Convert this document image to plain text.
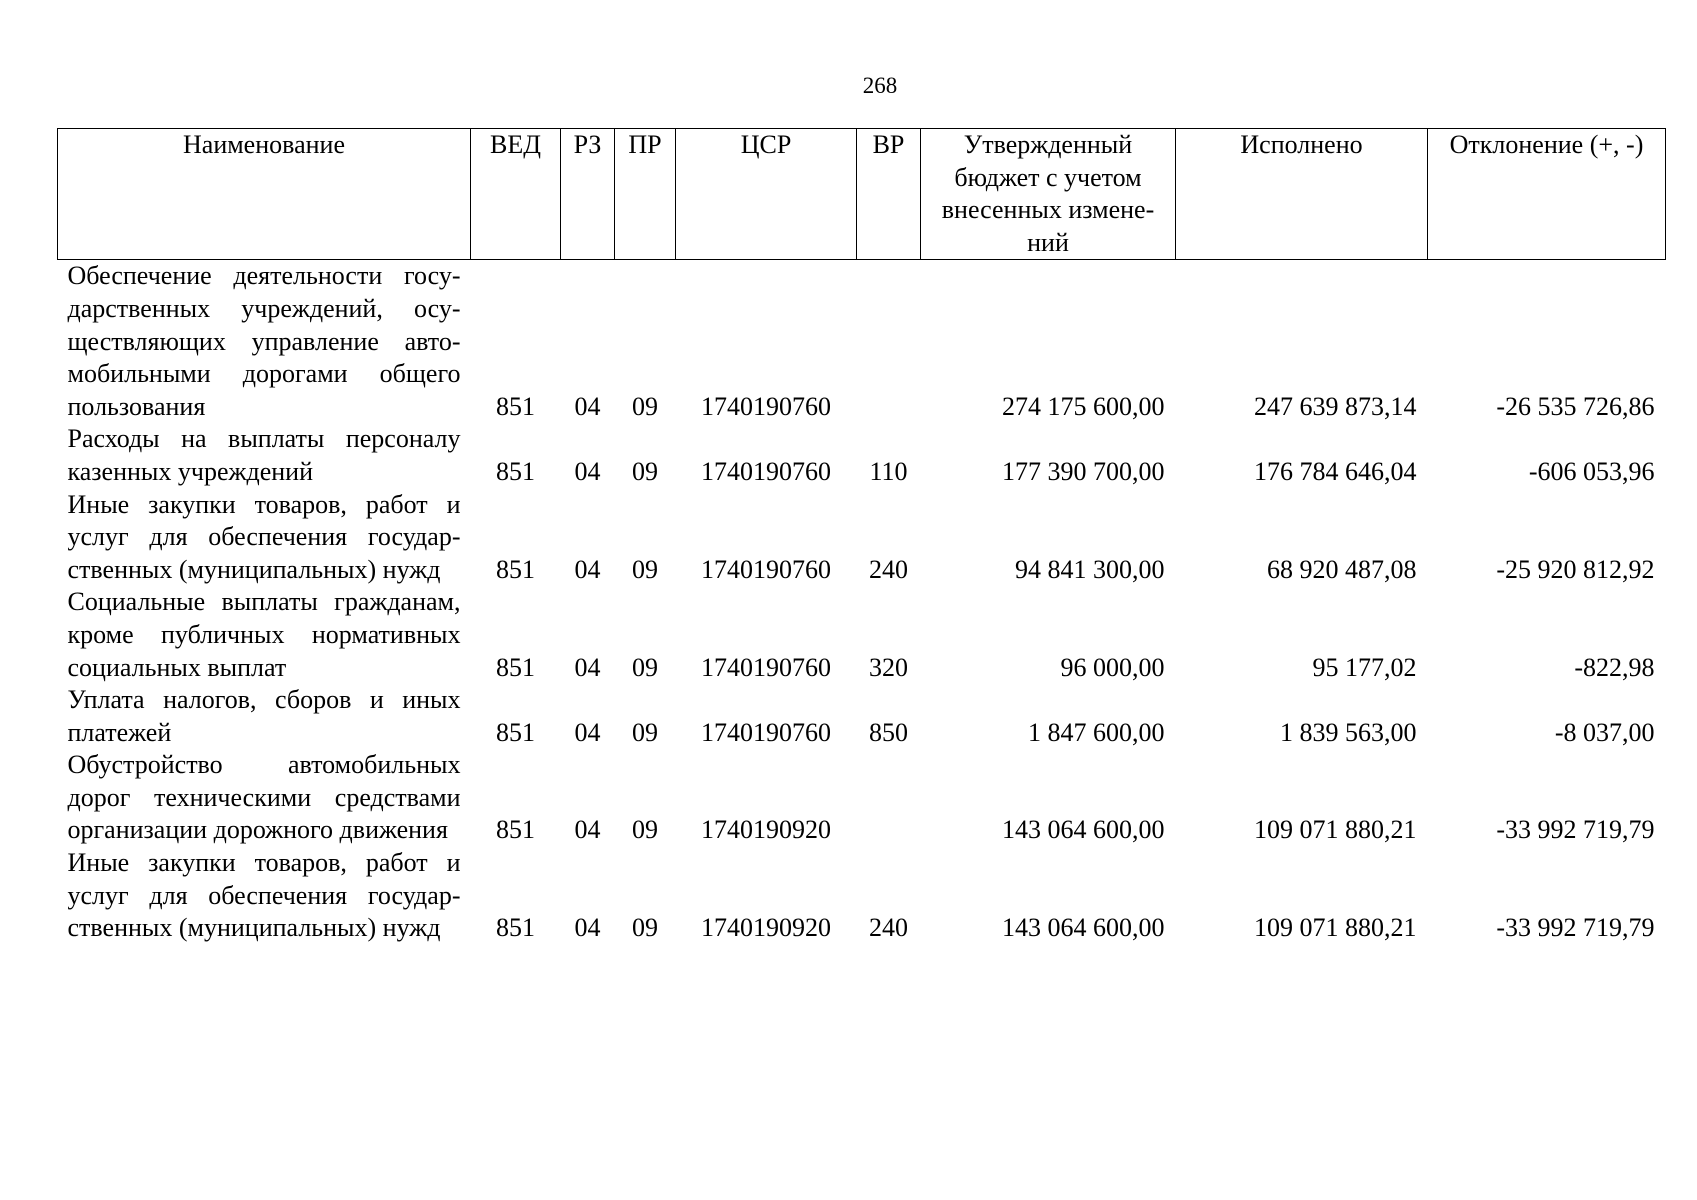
268
Наименование	ВЕД	РЗ	ПР	ЦСР	ВР	Утвержденный бюджет с учетом внесенных измене-ний	Исполнено	Отклонение (+, -)
Обеспечение деятельности государственных учреждений, осуществляющих управление автомобильными дорогами общего пользования	851	04	09	1740190760		274 175 600,00	247 639 873,14	-26 535 726,86
Расходы на выплаты персоналу казенных учреждений	851	04	09	1740190760	110	177 390 700,00	176 784 646,04	-606 053,96
Иные закупки товаров, работ и услуг для обеспечения государственных (муниципальных) нужд	851	04	09	1740190760	240	94 841 300,00	68 920 487,08	-25 920 812,92
Социальные выплаты гражданам, кроме публичных нормативных социальных выплат	851	04	09	1740190760	320	96 000,00	95 177,02	-822,98
Уплата налогов, сборов и иных платежей	851	04	09	1740190760	850	1 847 600,00	1 839 563,00	-8 037,00
Обустройство автомобильных дорог техническими средствами организации дорожного движения	851	04	09	1740190920		143 064 600,00	109 071 880,21	-33 992 719,79
Иные закупки товаров, работ и услуг для обеспечения государственных (муниципальных) нужд	851	04	09	1740190920	240	143 064 600,00	109 071 880,21	-33 992 719,79
